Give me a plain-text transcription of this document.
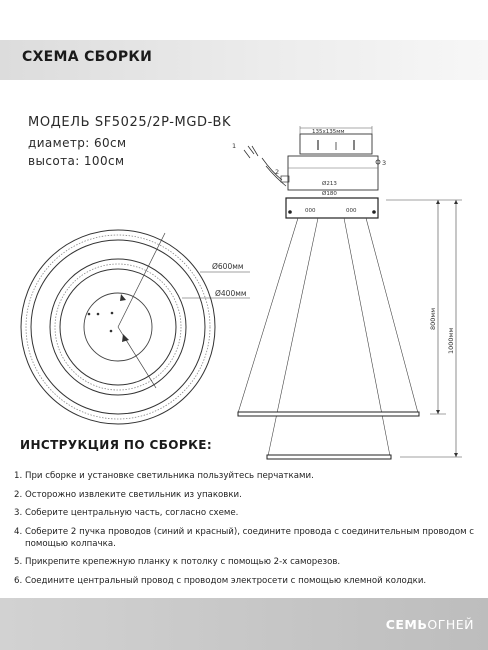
СХЕМА СБОРКИ
МОДЕЛЬ SF5025/2P-MGD-BK
диаметр: 60см
высота: 100см
Ø600мм
Ø400мм
135x135мм
Ø213
Ø180
000	000
1
2
3
800мм
1000мм
ИНСТРУКЦИЯ ПО СБОРКЕ:
1. При сборке и установке светильника пользуйтесь перчатками.
2. Осторожно извлеките светильник из упаковки.
3. Соберите центральную часть, согласно схеме.
4. Соберите 2 пучка проводов (синий и красный), соедините провода с соединительным проводом с помощью колпачка.
5. Прикрепите крепежную планку к потолку с помощью 2-х саморезов.
6. Соедините центральный провод с проводом электросети с помощью клемной колодки.
СЕМЬОГНЕЙ
